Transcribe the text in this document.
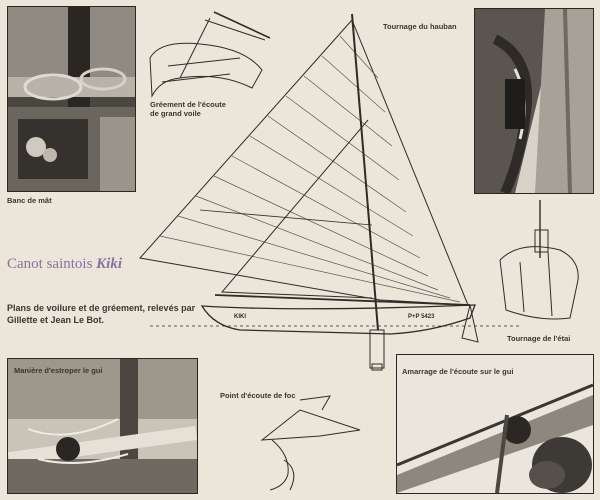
Banc de mât

Tournage du hauban

Manière d'estroper le gui	Amarrage de l'écoute sur le gui

Canot saintois Kiki

Plans de voilure et de gréement, relevés par Gillette et Jean Le Bot.

Gréement de l'écoute
de grand voile

Tournage de l'étai

Point d'écoute de foc

KIKI	P+P 5423
